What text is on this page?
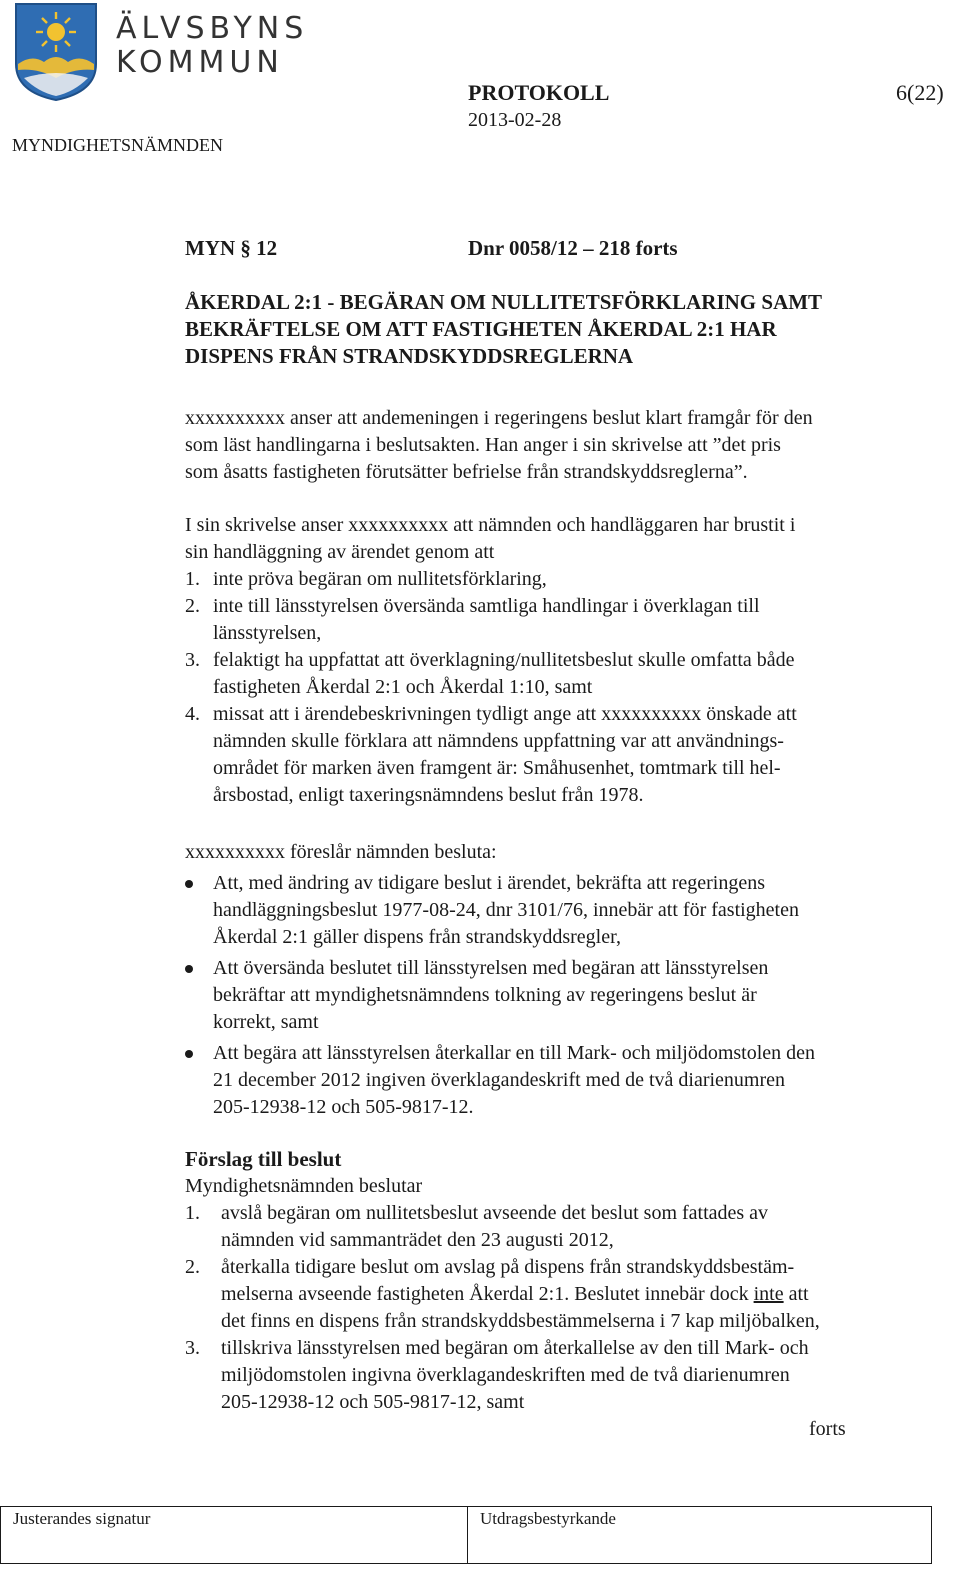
ÄLVSBYNS
KOMMUN
PROTOKOLL	6(22)
2013-02-28
MYNDIGHETSNÄMNDEN
MYN § 12	Dnr 0058/12 – 218 forts
ÅKERDAL 2:1 - BEGÄRAN OM NULLITETSFÖRKLARING SAMT
BEKRÄFTELSE OM ATT FASTIGHETEN ÅKERDAL 2:1 HAR
DISPENS FRÅN STRANDSKYDDSREGLERNA
xxxxxxxxxx anser att andemeningen i regeringens beslut klart framgår för den
som läst handlingarna i beslutsakten. Han anger i sin skrivelse att ”det pris
som åsatts fastigheten förutsätter befrielse från strandskyddsreglerna”.
I sin skrivelse anser xxxxxxxxxx att nämnden och handläggaren har brustit i
sin handläggning av ärendet genom att
1. inte pröva begäran om nullitetsförklaring,
2. inte till länsstyrelsen översända samtliga handlingar i överklagan till
länsstyrelsen,
3. felaktigt ha uppfattat att överklagning/nullitetsbeslut skulle omfatta både
fastigheten Åkerdal 2:1 och Åkerdal 1:10, samt
4. missat att i ärendebeskrivningen tydligt ange att xxxxxxxxxx önskade att
nämnden skulle förklara att nämndens uppfattning var att användnings-
området för marken även framgent är: Småhusenhet, tomtmark till hel-
årsbostad, enligt taxeringsnämndens beslut från 1978.
xxxxxxxxxx föreslår nämnden besluta:
Att, med ändring av tidigare beslut i ärendet, bekräfta att regeringens
handläggningsbeslut 1977-08-24, dnr 3101/76, innebär att för fastigheten
Åkerdal 2:1 gäller dispens från strandskyddsregler,
Att översända beslutet till länsstyrelsen med begäran att länsstyrelsen
bekräftar att myndighetsnämndens tolkning av regeringens beslut är
korrekt, samt
Att begära att länsstyrelsen återkallar en till Mark- och miljödomstolen den
21 december 2012 ingiven överklagandeskrift med de två diarienumren
205-12938-12 och 505-9817-12.
Förslag till beslut
Myndighetsnämnden beslutar
1. avslå begäran om nullitetsbeslut avseende det beslut som fattades av
nämnden vid sammanträdet den 23 augusti 2012,
2. återkalla tidigare beslut om avslag på dispens från strandskyddsbestäm-
melserna avseende fastigheten Åkerdal 2:1. Beslutet innebär dock inte att
det finns en dispens från strandskyddsbestämmelserna i 7 kap miljöbalken,
3. tillskriva länsstyrelsen med begäran om återkallelse av den till Mark- och
miljödomstolen ingivna överklagandeskriften med de två diarienumren
205-12938-12 och 505-9817-12, samt
forts
Justerandes signatur	Utdragsbestyrkande
